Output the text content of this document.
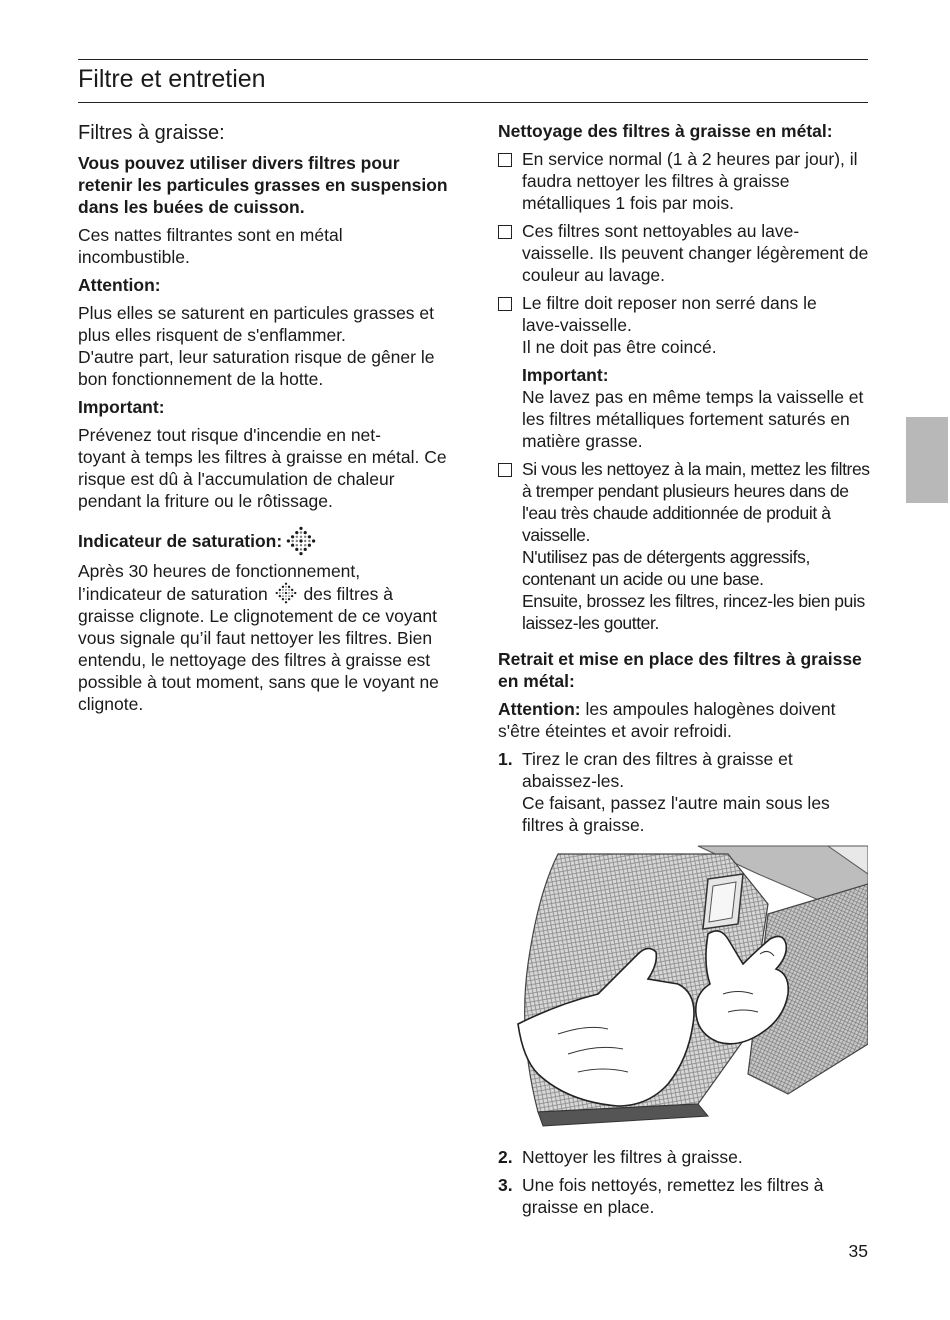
Filtre et entretien
Filtres à graisse:

Vous pouvez utiliser divers filtres pour retenir les particules grasses en suspension dans les buées de cuisson.

Ces nattes filtrantes sont en métal
incombustible.

Attention:

Plus elles se saturent en particules grasses et plus elles risquent de s'enflammer.
D'autre part, leur saturation risque de gêner le bon fonctionnement de la hotte.

Important:

Prévenez tout risque d'incendie en net-
toyant à temps les filtres à graisse en métal. Ce risque est dû à l'accumulation de chaleur pendant la friture ou le rôtissage.

Indicateur de saturation:

Après 30 heures de fonctionnement,
l’indicateur de saturation des filtres à graisse clignote. Le clignotement de ce voyant vous signale qu’il faut nettoyer les filtres. Bien entendu, le nettoyage des filtres à graisse est possible à tout moment, sans que le voyant ne clignote.

Nettoyage des filtres à graisse en métal:

En service normal (1 à 2 heures par jour), il faudra nettoyer les filtres à graisse métalliques 1 fois par mois.
Ces filtres sont nettoyables au lave-
vaisselle. Ils peuvent changer légèrement de couleur au lavage.
Le filtre doit reposer non serré dans le
lave-vaisselle.
Il ne doit pas être coincé.

Important:

Ne lavez pas en même temps la vaisselle et les filtres métalliques fortement saturés en matière grasse.

Si vous les nettoyez à la main, mettez les filtres à tremper pendant plusieurs heures dans de l'eau très chaude additionnée de produit à vaisselle.
N'utilisez pas de détergents aggressifs, contenant un acide ou une base.
Ensuite, brossez les filtres, rincez-les bien puis laissez-les goutter.

Retrait et mise en place des filtres à graisse en métal:

Attention: les ampoules halogènes doivent s'être éteintes et avoir refroidi.

1. Tirez le cran des filtres à graisse et
abaissez-les.
Ce faisant, passez l'autre main sous les filtres à graisse.
2. Nettoyer les filtres à graisse.
3. Une fois nettoyés, remettez les filtres à graisse en place.
35
